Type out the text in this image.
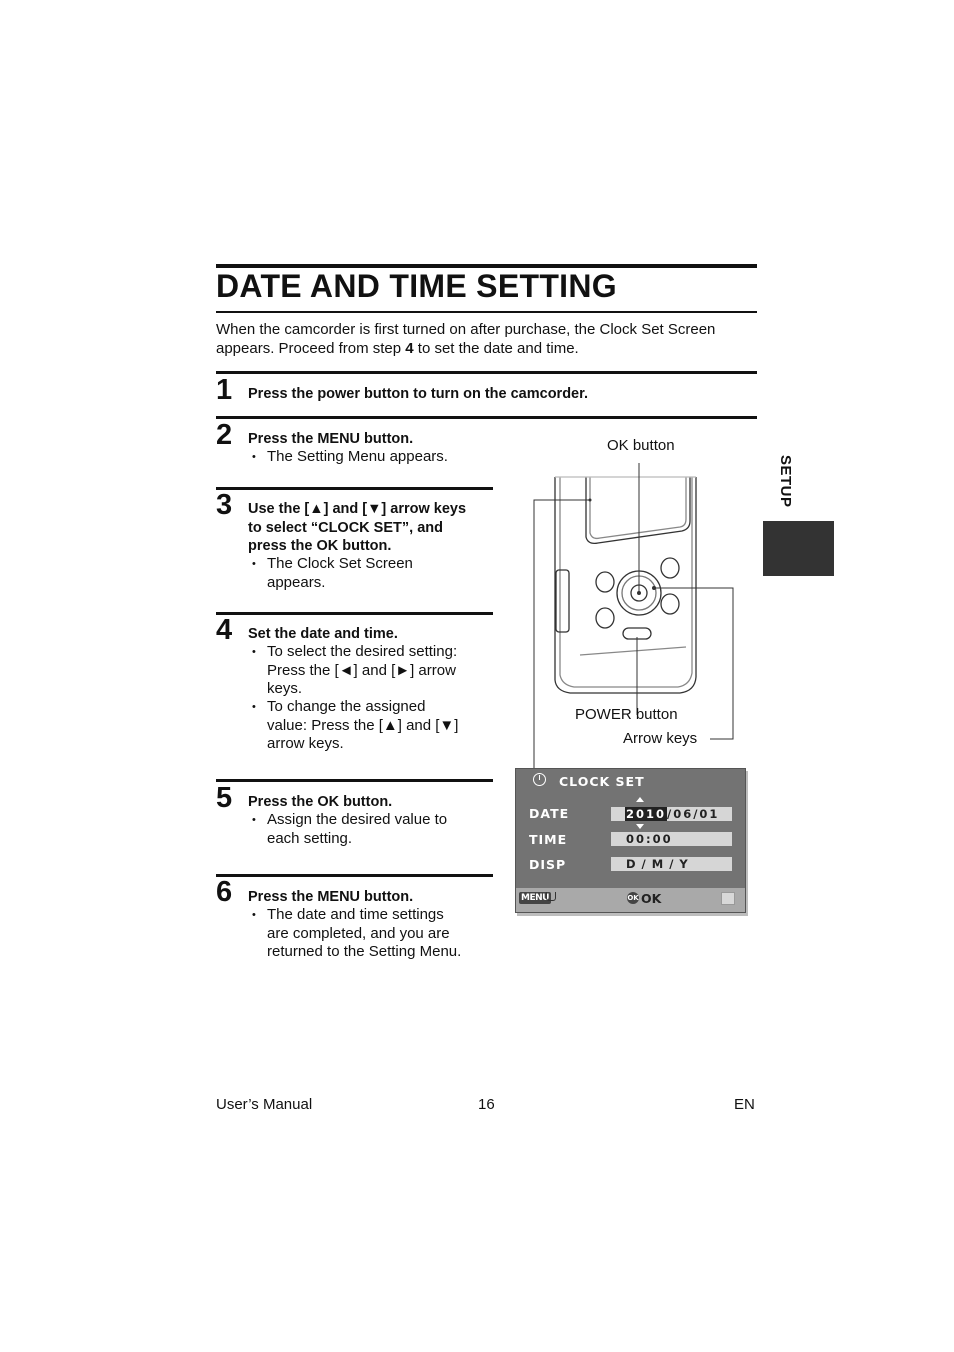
DATE AND TIME SETTING
When the camcorder is first turned on after purchase, the Clock Set Screen appears. Proceed from step 4 to set the date and time.
SETUP
1 Press the power button to turn on the camcorder.
2 Press the MENU button.
• The Setting Menu appears.
3 Use the [▲] and [▼] arrow keys
to select “CLOCK SET”, and
press the OK button.
• The Clock Set Screen
appears.
4 Set the date and time.
• To select the desired setting:
Press the [◄] and [►] arrow
keys.
• To change the assigned
value: Press the [▲] and [▼]
arrow keys.
5 Press the OK button.
• Assign the desired value to
each setting.
6 Press the MENU button.
• The date and time settings
are completed, and you are
returned to the Setting Menu.
OK button
POWER button
Arrow keys
CLOCK SET
DATE	2010/06/01
TIME	00:00
DISP	D / M / Y
MENU	OK OK
User’s Manual	16	EN
